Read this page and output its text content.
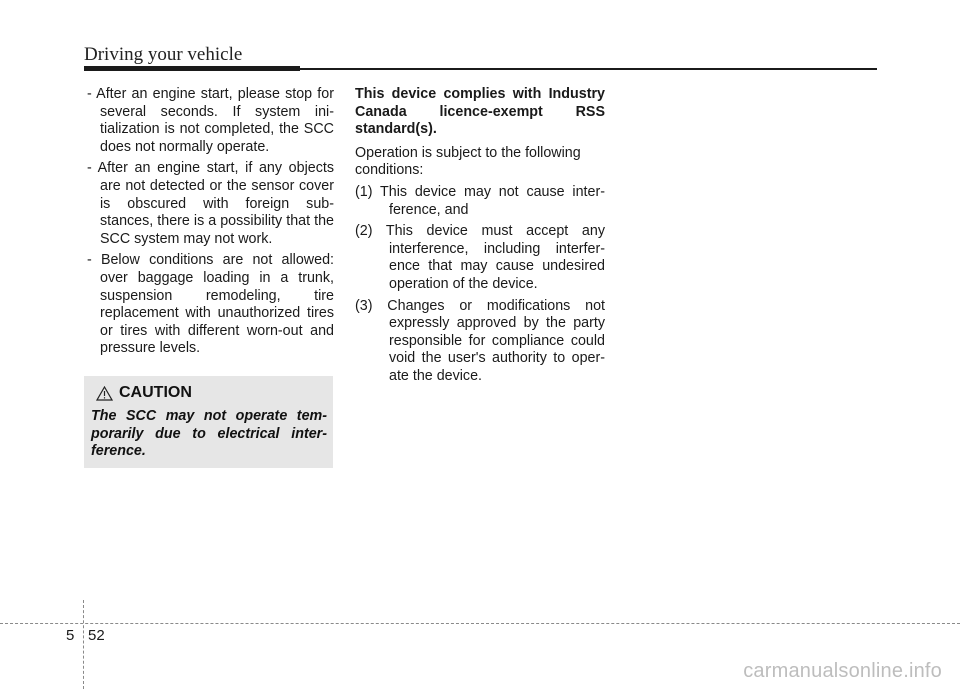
Driving your vehicle

- After an engine start, please stop for several seconds. If system ini-tialization is not completed, the SCC does not normally operate.

- After an engine start, if any objects are not detected or the sensor cover is obscured with foreign sub-stances, there is a possibility that the SCC system may not work.

- Below conditions are not allowed: over baggage loading in a trunk, suspension remodeling, tire replacement with unauthorized tires or tires with different worn-out and pressure levels.

CAUTION
The SCC may not operate tem-porarily due to electrical inter-ference.

This device complies with Industry Canada licence-exempt RSS standard(s).

Operation is subject to the following conditions:

(1) This device may not cause inter-ference, and

(2) This device must accept any interference, including interfer-ence that may cause undesired operation of the device.

(3) Changes or modifications not expressly approved by the party responsible for compliance could void the user's authority to oper-ate the device.

5 52
carmanualsonline.info
